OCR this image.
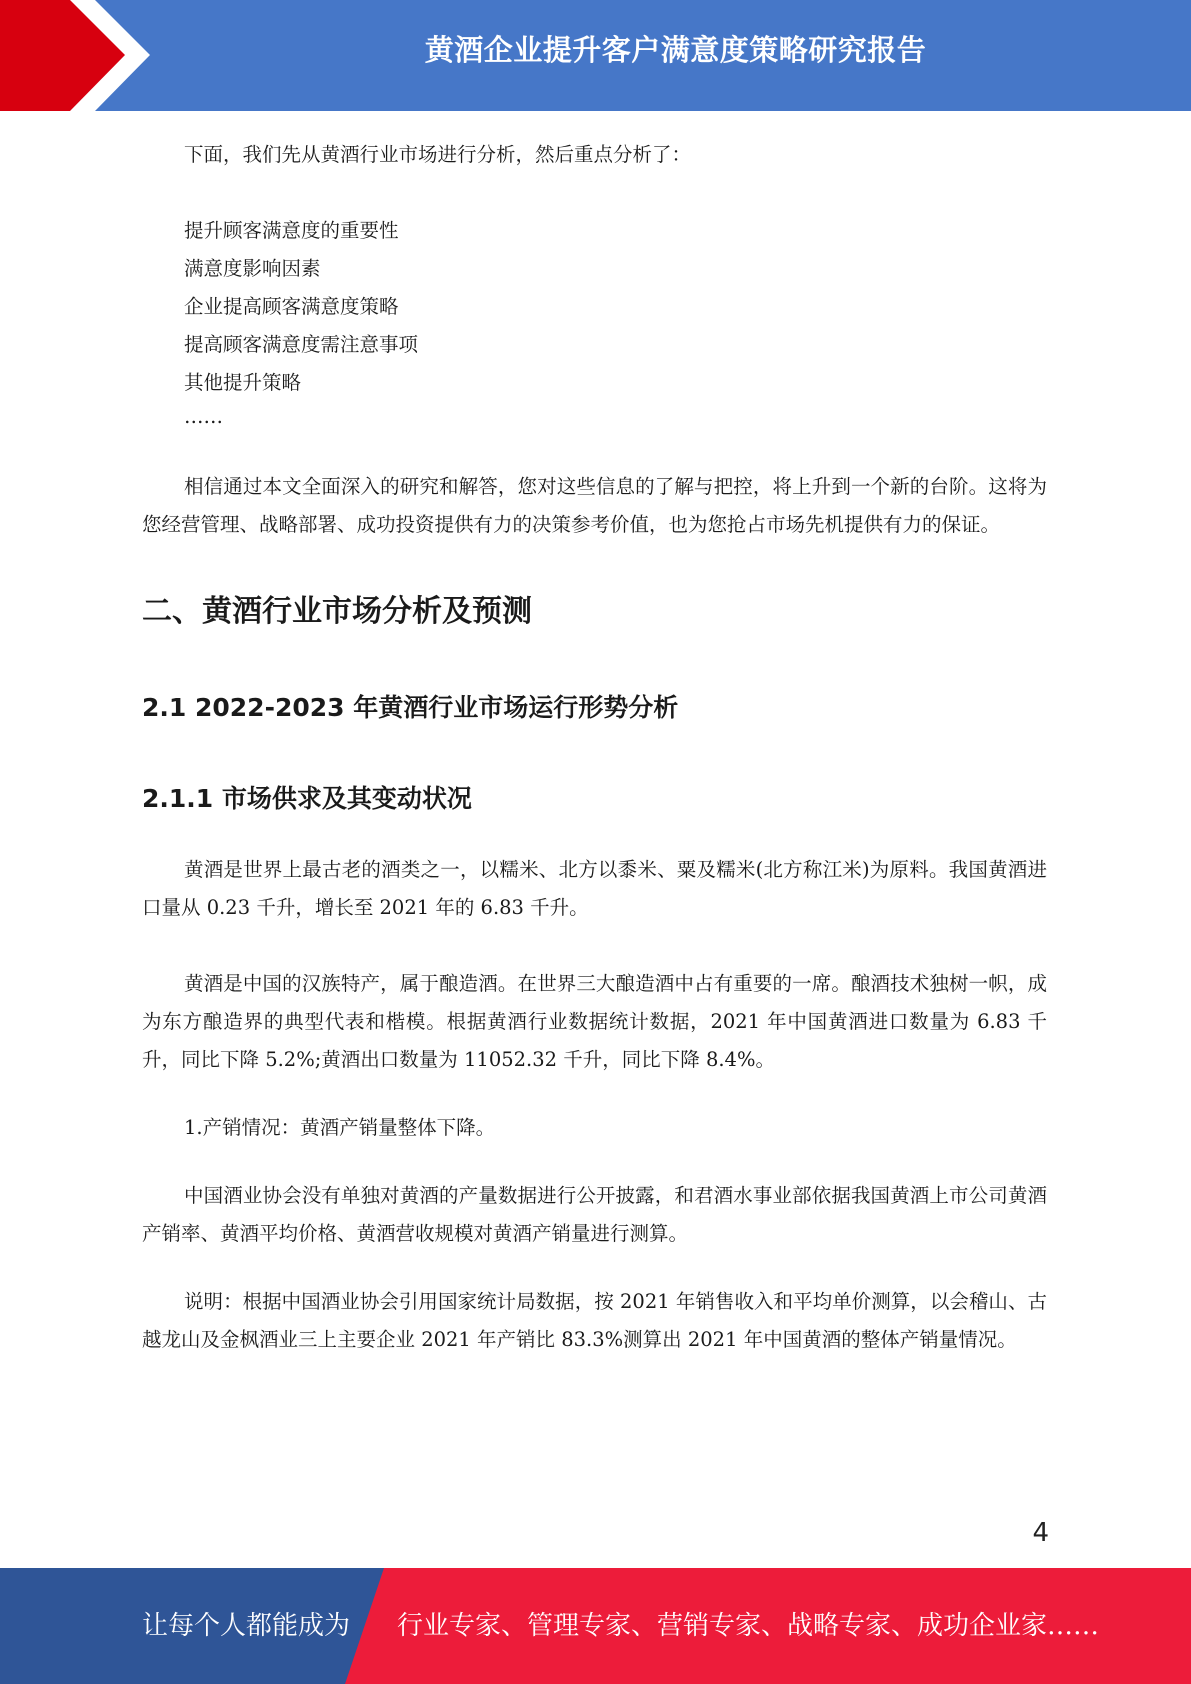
黄酒企业提升客户满意度策略研究报告

下面，我们先从黄酒行业市场进行分析，然后重点分析了：

提升顾客满意度的重要性
满意度影响因素
企业提高顾客满意度策略
提高顾客满意度需注意事项
其他提升策略
……

相信通过本文全面深入的研究和解答，您对这些信息的了解与把控，将上升到一个新的台阶。这将为您经营管理、战略部署、成功投资提供有力的决策参考价值，也为您抢占市场先机提供有力的保证。

二、黄酒行业市场分析及预测
2.1 2022-2023 年黄酒行业市场运行形势分析
2.1.1 市场供求及其变动状况

黄酒是世界上最古老的酒类之一，以糯米、北方以黍米、粟及糯米(北方称江米)为原料。我国黄酒进口量从 0.23 千升，增长至 2021 年的 6.83 千升。

黄酒是中国的汉族特产，属于酿造酒。在世界三大酿造酒中占有重要的一席。酿酒技术独树一帜，成为东方酿造界的典型代表和楷模。根据黄酒行业数据统计数据，2021 年中国黄酒进口数量为 6.83 千升，同比下降 5.2%;黄酒出口数量为 11052.32 千升，同比下降 8.4%。

1.产销情况：黄酒产销量整体下降。

中国酒业协会没有单独对黄酒的产量数据进行公开披露，和君酒水事业部依据我国黄酒上市公司黄酒产销率、黄酒平均价格、黄酒营收规模对黄酒产销量进行测算。

说明：根据中国酒业协会引用国家统计局数据，按 2021 年销售收入和平均单价测算，以会稽山、古越龙山及金枫酒业三上主要企业 2021 年产销比 83.3%测算出 2021 年中国黄酒的整体产销量情况。

4
让每个人都能成为 行业专家、管理专家、营销专家、战略专家、成功企业家……
